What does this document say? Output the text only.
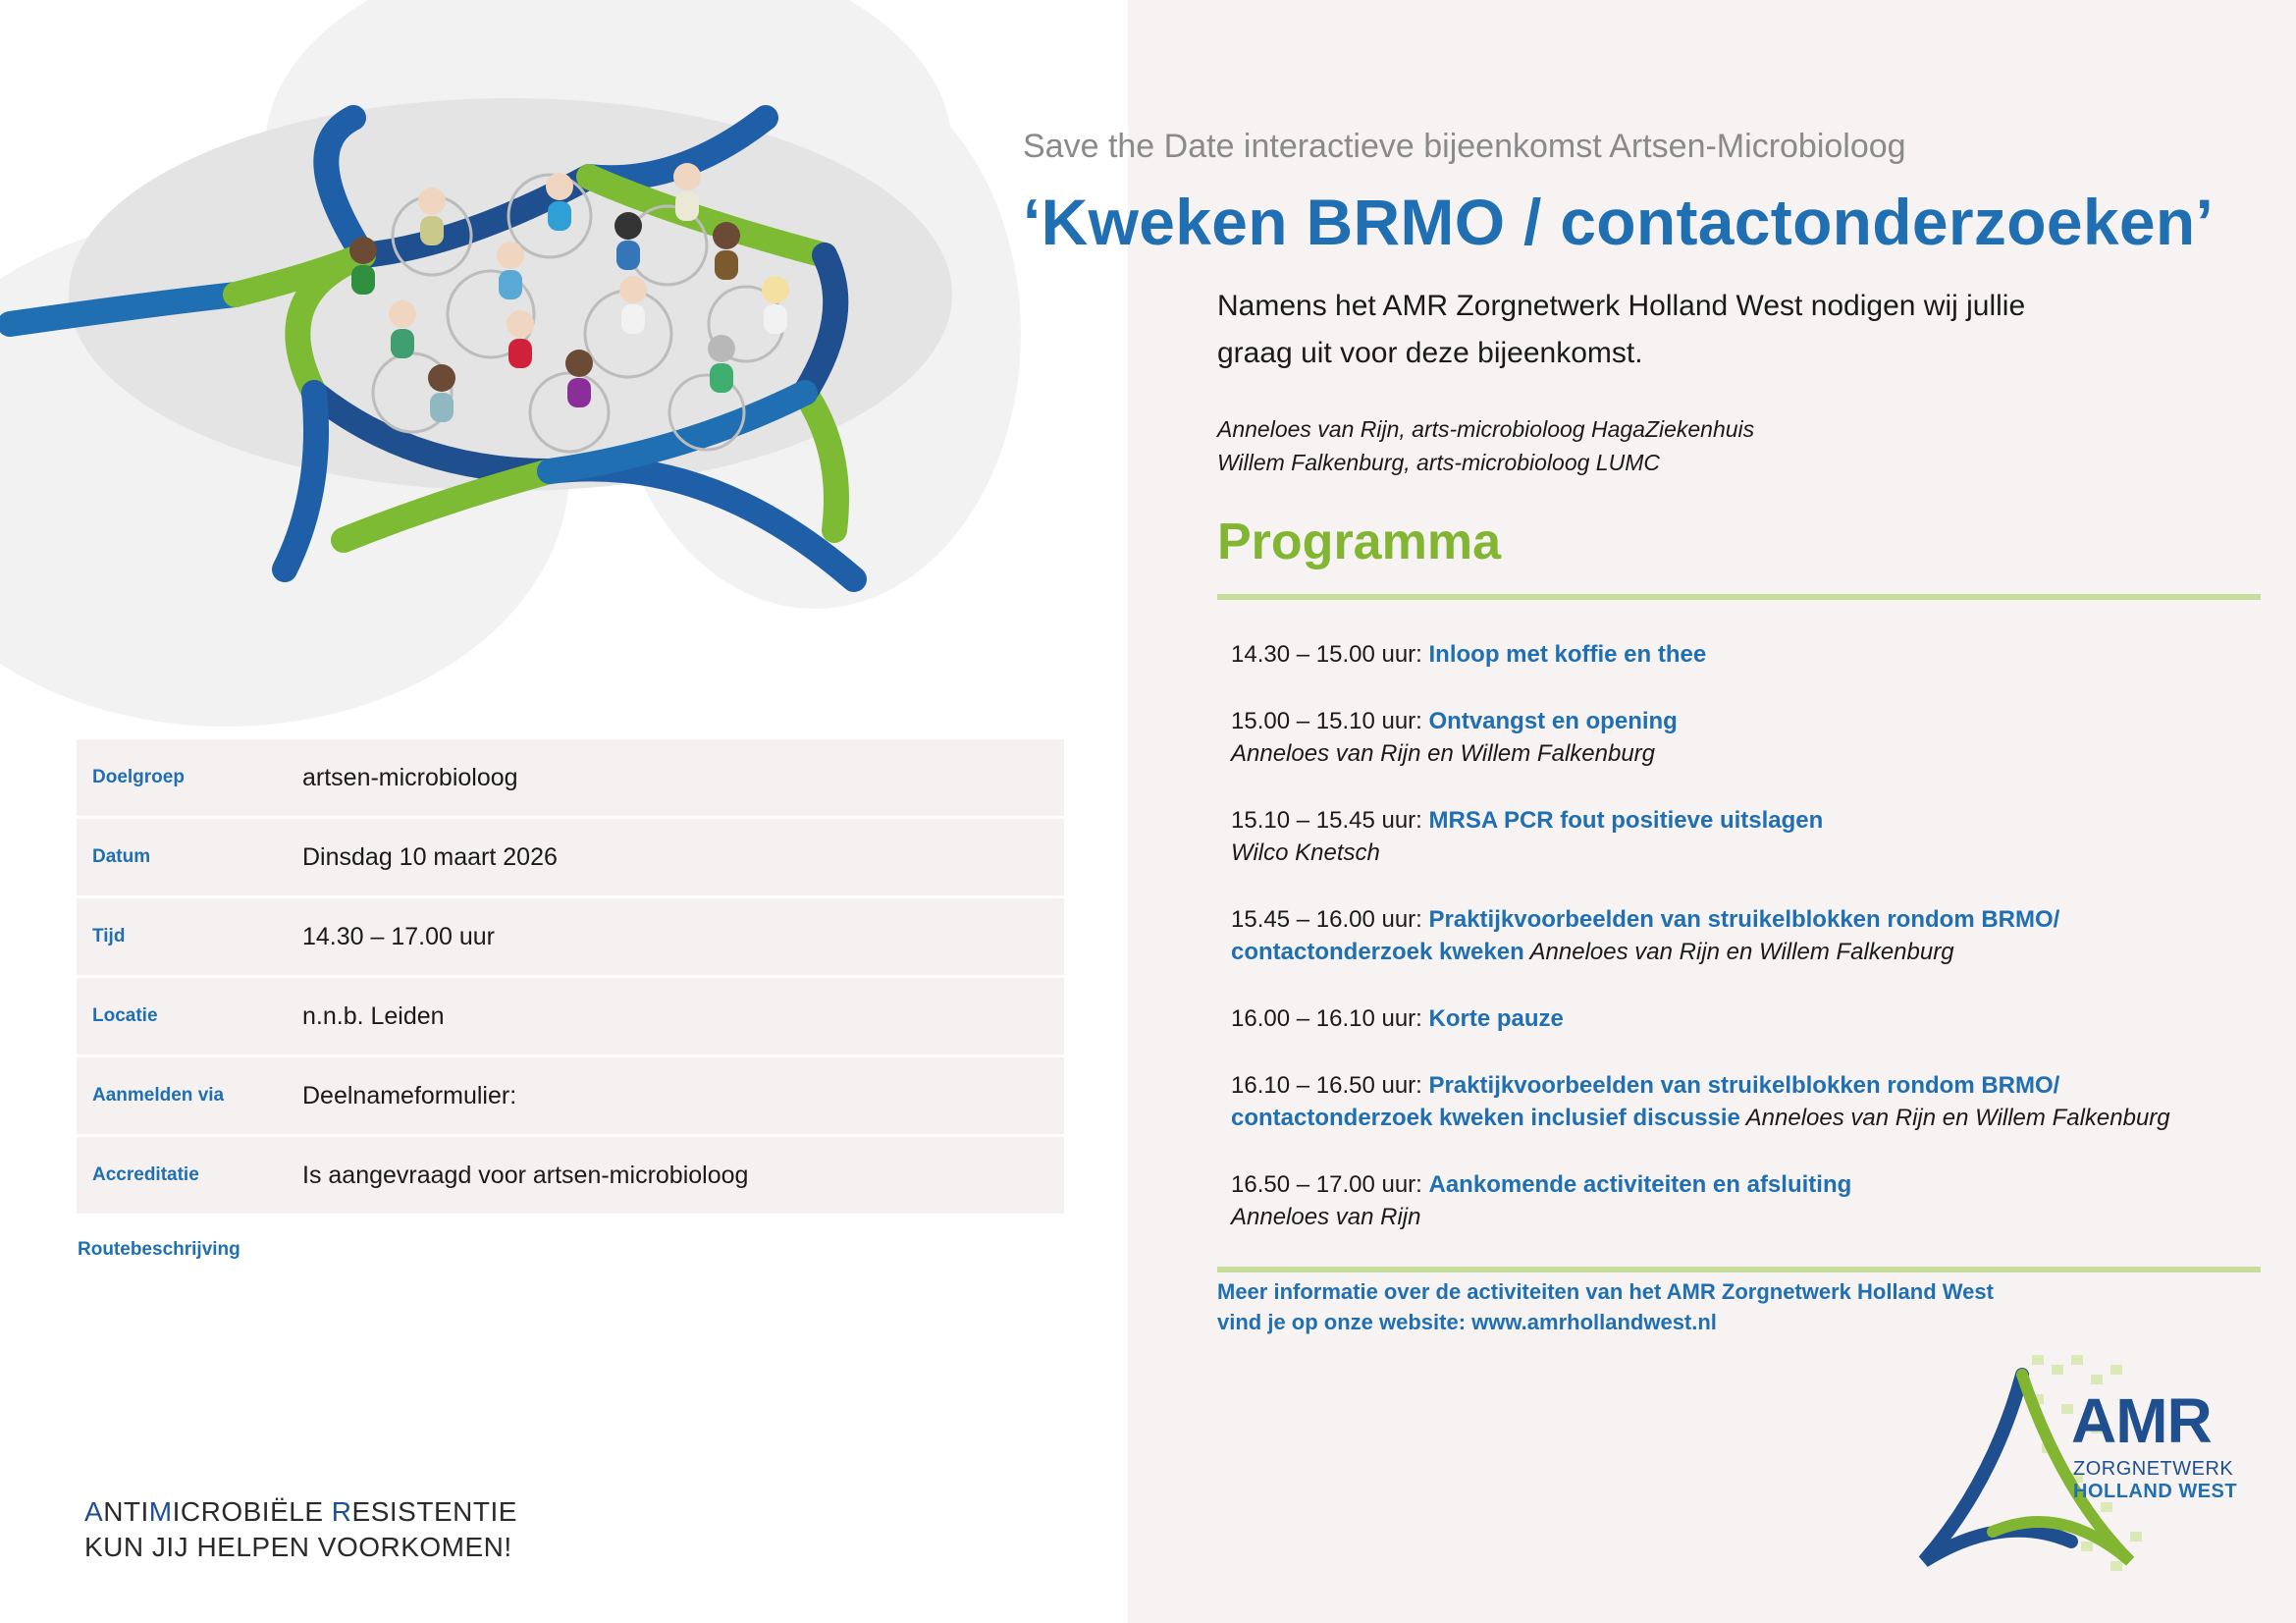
Save the Date interactieve bijeenkomst Artsen-Microbioloog
‘Kweken BRMO / contactonderzoeken’
Namens het AMR Zorgnetwerk Holland West nodigen wij jullie graag uit voor deze bijeenkomst.
Anneloes van Rijn, arts-microbioloog HagaZiekenhuis
Willem Falkenburg, arts-microbioloog LUMC
Programma
14.30 – 15.00 uur: Inloop met koffie en thee
15.00 – 15.10 uur: Ontvangst en opening
Anneloes van Rijn en Willem Falkenburg
15.10 – 15.45 uur: MRSA PCR fout positieve uitslagen
Wilco Knetsch
15.45 – 16.00 uur: Praktijkvoorbeelden van struikelblokken rondom BRMO/ contactonderzoek kweken Anneloes van Rijn en Willem Falkenburg
16.00 – 16.10 uur: Korte pauze
16.10 – 16.50 uur: Praktijkvoorbeelden van struikelblokken rondom BRMO/ contactonderzoek kweken inclusief discussie Anneloes van Rijn en Willem Falkenburg
16.50 – 17.00 uur: Aankomende activiteiten en afsluiting
Anneloes van Rijn
Meer informatie over de activiteiten van het AMR Zorgnetwerk Holland West
vind je op onze website: www.amrhollandwest.nl
Doelgroep	artsen-microbioloog
Datum	Dinsdag 10 maart 2026
Tijd	14.30 – 17.00 uur
Locatie	n.n.b. Leiden
Aanmelden via	Deelnameformulier:
Accreditatie	Is aangevraagd voor artsen-microbioloog
Routebeschrijving
ANTIMICROBIËLE RESISTENTIE
KUN JIJ HELPEN VOORKOMEN!
AMR
ZORGNETWERK
HOLLAND WEST
